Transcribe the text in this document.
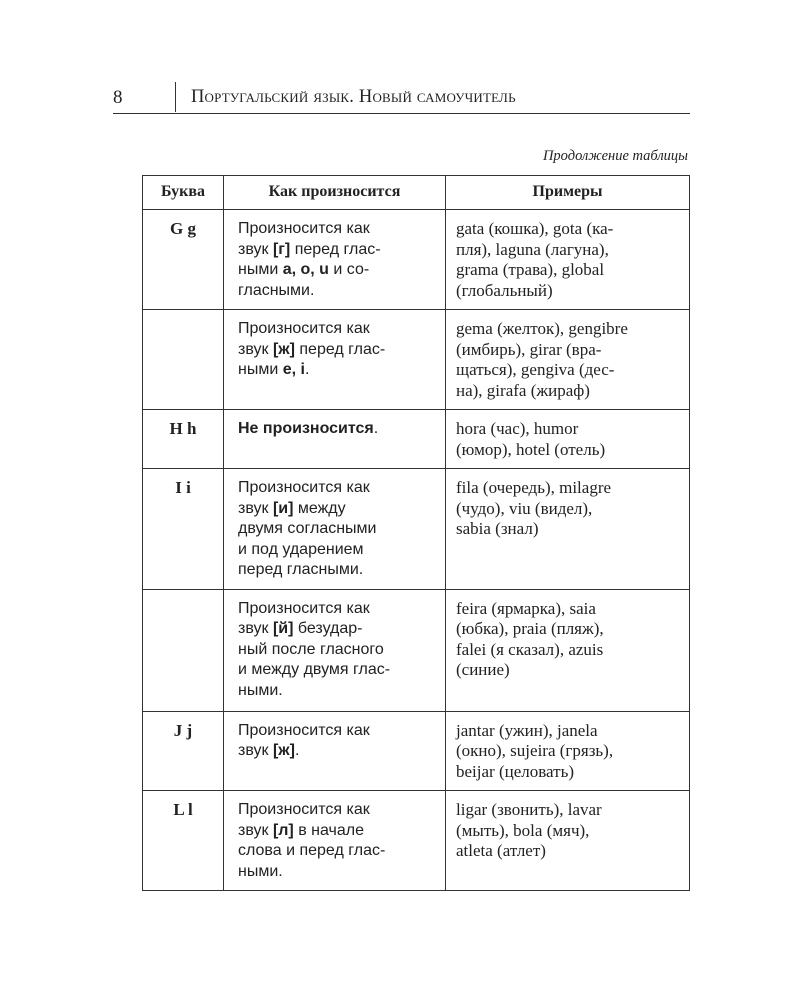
8	Португальский язык. Новый самоучитель
Продолжение таблицы
Буква	Как произносится	Примеры
G g	Произносится как
звук [г] перед глас-
ными a, o, u и со-
гласными.	gata (кошка), gota (ка-
пля), laguna (лагуна),
grama (трава), global
(глобальный)
	Произносится как
звук [ж] перед глас-
ными e, i.	gema (желток), gengibre
(имбирь), girar (вра-
щаться), gengiva (дес-
на), girafa (жираф)
H h	Не произносится.	hora (час), humor
(юмор), hotel (отель)
I i	Произносится как
звук [и] между
двумя согласными
и под ударением
перед гласными.	fila (очередь), milagre
(чудо), viu (видел),
sabia (знал)
	Произносится как
звук [й] безудар-
ный после гласного
и между двумя глас-
ными.	feira (ярмарка), saia
(юбка), praia (пляж),
falei (я сказал), azuis
(синие)
J j	Произносится как
звук [ж].	jantar (ужин), janela
(окно), sujeira (грязь),
beijar (целовать)
L l	Произносится как
звук [л] в начале
слова и перед глас-
ными.	ligar (звонить), lavar
(мыть), bola (мяч),
atleta (атлет)
